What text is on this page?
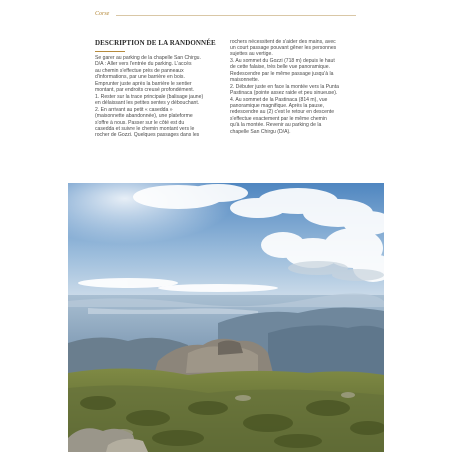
Corse
DESCRIPTION DE LA RANDONNÉE

Se garer au parking de la chapelle San Chirgu.

D/A : Aller vers l'entrée du parking. L'accès

au chemin s'effectue près de panneaux

d'informations, par une barrière en bois.

Emprunter juste après la barrière le sentier

montant, par endroits creusé profondément.

1. Rester sur la trace principale (balisage jaune)

en délaissant les petites sentes y débouchant.

2. En arrivant au petit « casedda »

(maisonnette abandonnée), une plateforme

s'offre à nous. Passer sur le côté est du

casedda et suivre le chemin montant vers le

rocher de Gozzi. Quelques passages dans les

rochers nécessitent de s'aider des mains, avec

un court passage pouvant gêner les personnes

sujettes au vertige.

3. Au sommet du Gozzi (718 m) depuis le haut

de cette falaise, très belle vue panoramique.

Redescendre par le même passage jusqu'à la

maisonnette.

2. Débuter juste en face la montée vers la Punta

Pastinaca (pointe assez raide et peu sinueuse).

4. Au sommet de la Pastinaca (814 m), vue

panoramique magnifique. Après la pause,

redescendre au (2) c'est le retour en descente

s'effectue exactement par le même chemin

qu'à la montée. Revenir au parking de la

chapelle San Chirgu (D/A).
